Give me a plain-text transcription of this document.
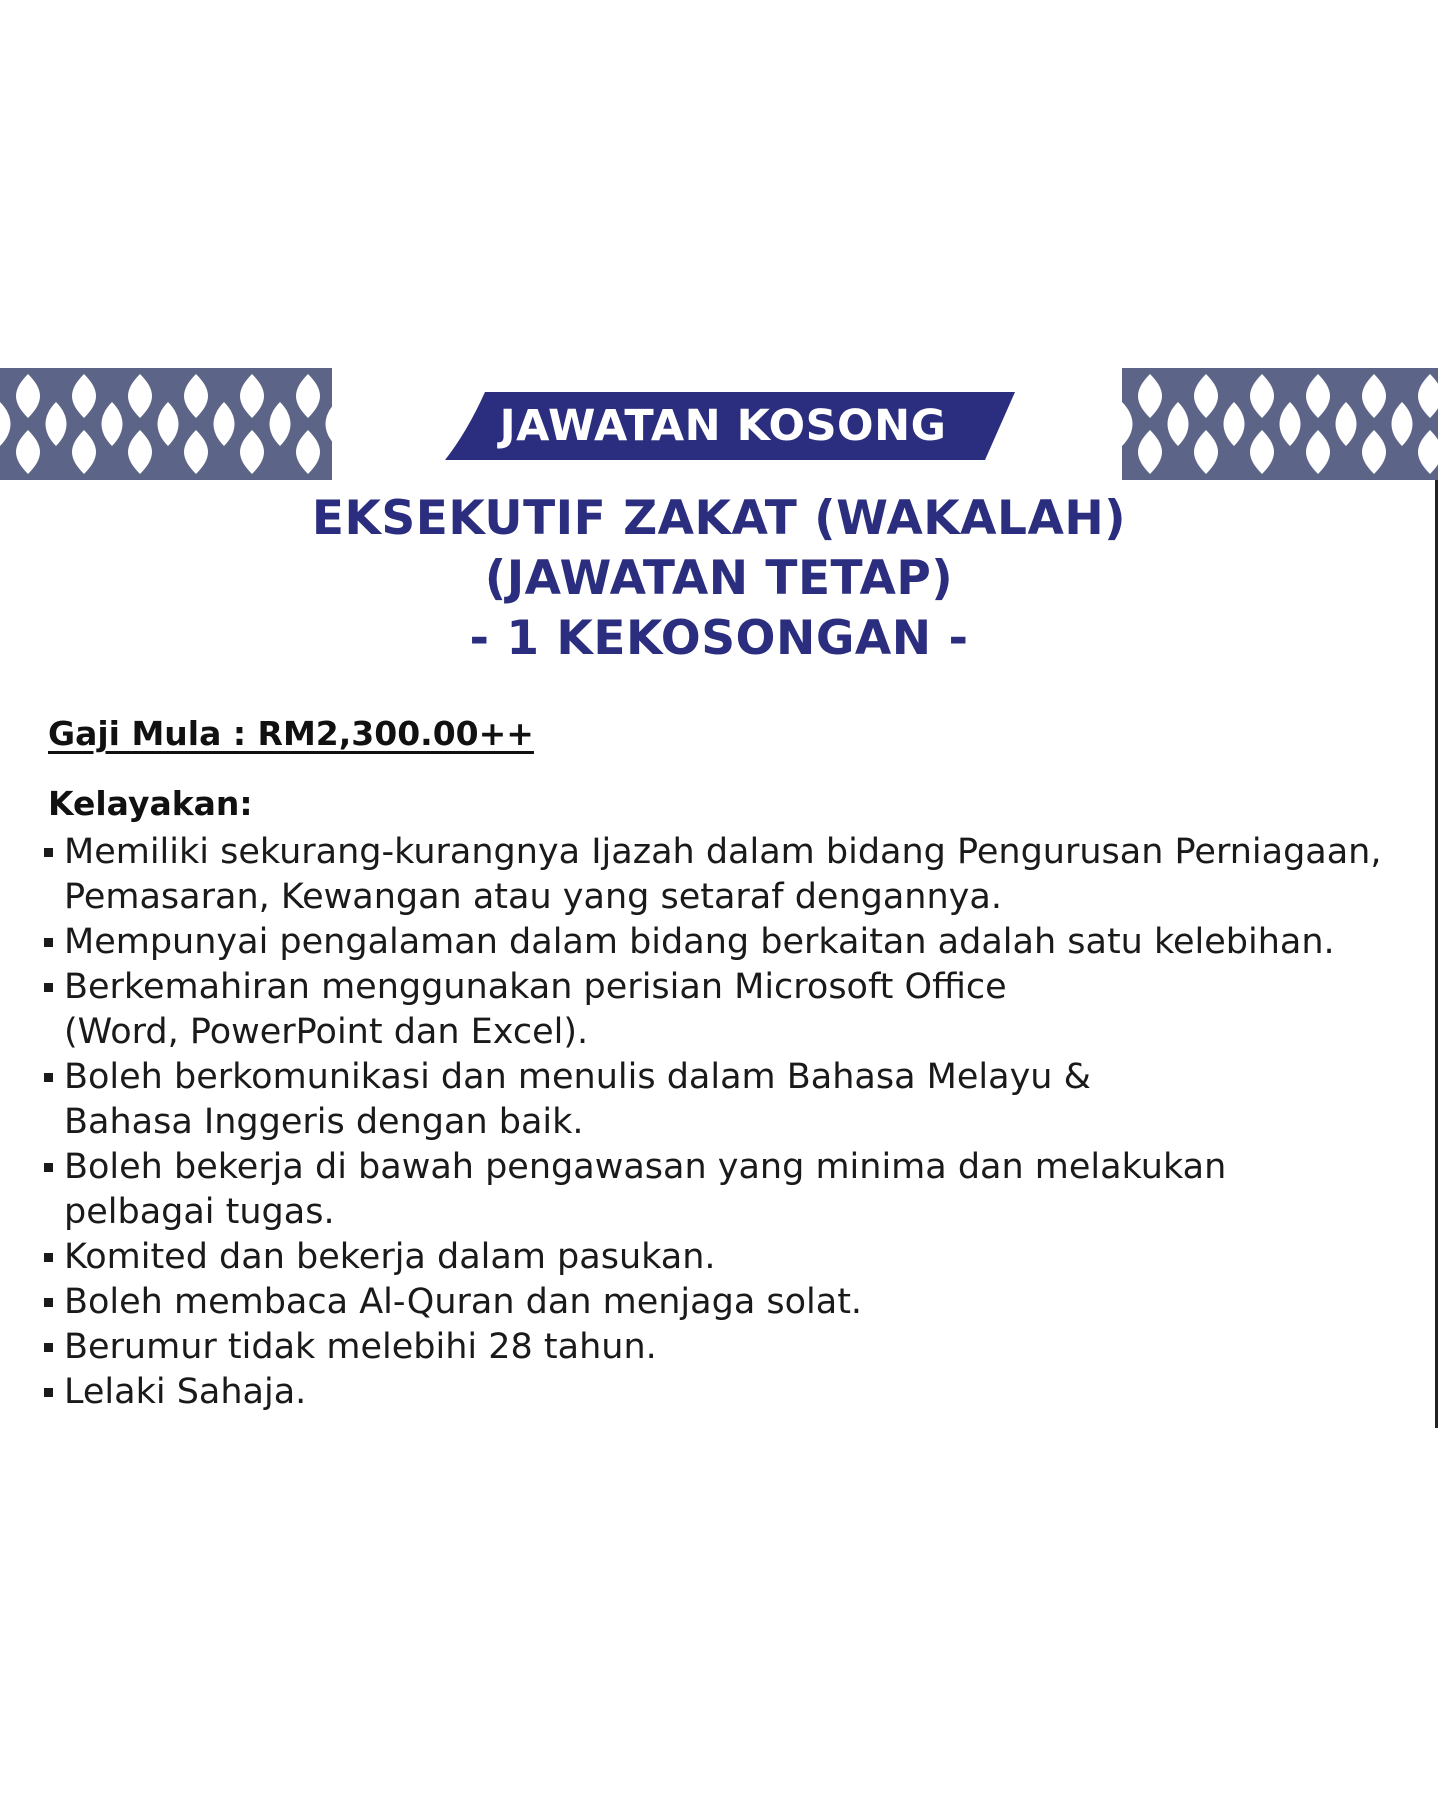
JAWATAN KOSONG
EKSEKUTIF ZAKAT (WAKALAH)
(JAWATAN TETAP)
- 1 KEKOSONGAN -
Gaji Mula : RM2,300.00++
Kelayakan:
Memiliki sekurang-kurangnya Ijazah dalam bidang Pengurusan Perniagaan,
Pemasaran, Kewangan atau yang setaraf dengannya.
Mempunyai pengalaman dalam bidang berkaitan adalah satu kelebihan.
Berkemahiran menggunakan perisian Microsoft Office
(Word, PowerPoint dan Excel).
Boleh berkomunikasi dan menulis dalam Bahasa Melayu &
Bahasa Inggeris dengan baik.
Boleh bekerja di bawah pengawasan yang minima dan melakukan
pelbagai tugas.
Komited dan bekerja dalam pasukan.
Boleh membaca Al-Quran dan menjaga solat.
Berumur tidak melebihi 28 tahun.
Lelaki Sahaja.
